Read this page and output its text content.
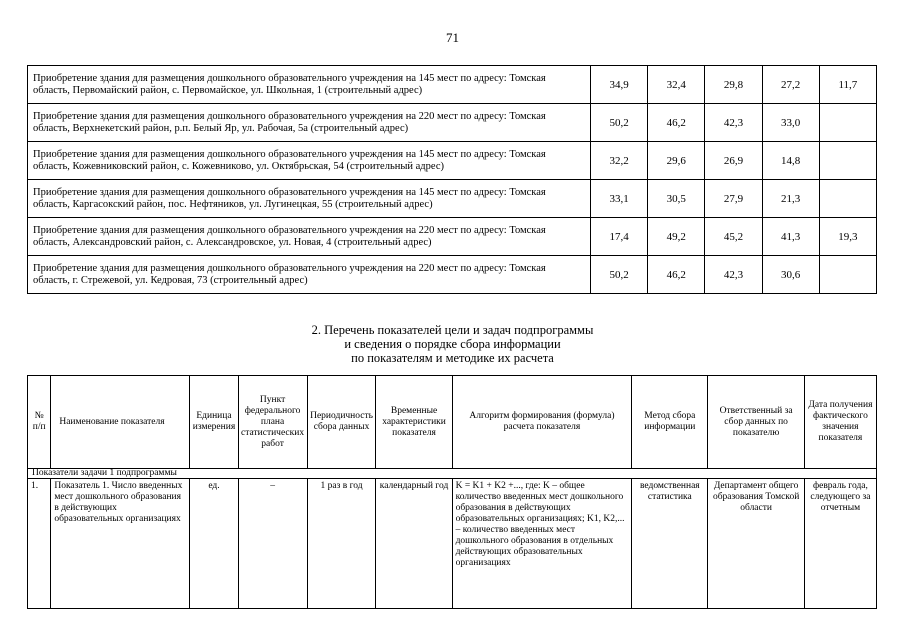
71
Приобретение здания для размещения дошкольного образовательного учреждения на 145 мест по адресу: Томская область, Первомайский район, с. Первомайское, ул. Школьная, 1 (строительный адрес)	34,9	32,4	29,8	27,2	11,7
Приобретение здания для размещения дошкольного образовательного учреждения на 220 мест по адресу: Томская область, Верхнекетский район, р.п. Белый Яр, ул. Рабочая, 5а (строительный адрес)	50,2	46,2	42,3	33,0	
Приобретение здания для размещения дошкольного образовательного учреждения на 145 мест по адресу: Томская область, Кожевниковский район, с. Кожевниково, ул. Октябрьская, 54 (строительный адрес)	32,2	29,6	26,9	14,8	
Приобретение здания для размещения дошкольного образовательного учреждения на 145 мест по адресу: Томская область, Каргасокский район, пос. Нефтяников, ул. Лугинецкая, 55 (строительный адрес)	33,1	30,5	27,9	21,3	
Приобретение здания для размещения дошкольного образовательного учреждения на 220 мест по адресу: Томская область, Александровский район, с. Александровское, ул. Новая, 4 (строительный адрес)	17,4	49,2	45,2	41,3	19,3
Приобретение здания для размещения дошкольного образовательного учреждения на 220 мест по адресу: Томская область, г. Стрежевой, ул. Кедровая, 73 (строительный адрес)	50,2	46,2	42,3	30,6	
2. Перечень показателей цели и задач подпрограммы
и сведения о порядке сбора информации
по показателям и методике их расчета
№ п/п	Наименование показателя	Единица измерения	Пункт федерального плана статистических работ	Периодичность сбора данных	Временные характеристики показателя	Алгоритм формирования (формула) расчета показателя	Метод сбора информации	Ответственный за сбор данных по показателю	Дата получения фактического значения показателя
Показатели задачи 1 подпрограммы									
1.	Показатель 1. Число введенных мест дошкольного образования в действующих образовательных организациях	ед.	–	1 раз в год	календарный год	K = K1 + K2 +..., где: K – общее количество введенных мест дошкольного образования в действующих образовательных организациях; K1, K2,... – количество введенных мест дошкольного образования в отдельных действующих образовательных организациях	ведомственная статистика	Департамент общего образования Томской области	февраль года, следующего за отчетным
